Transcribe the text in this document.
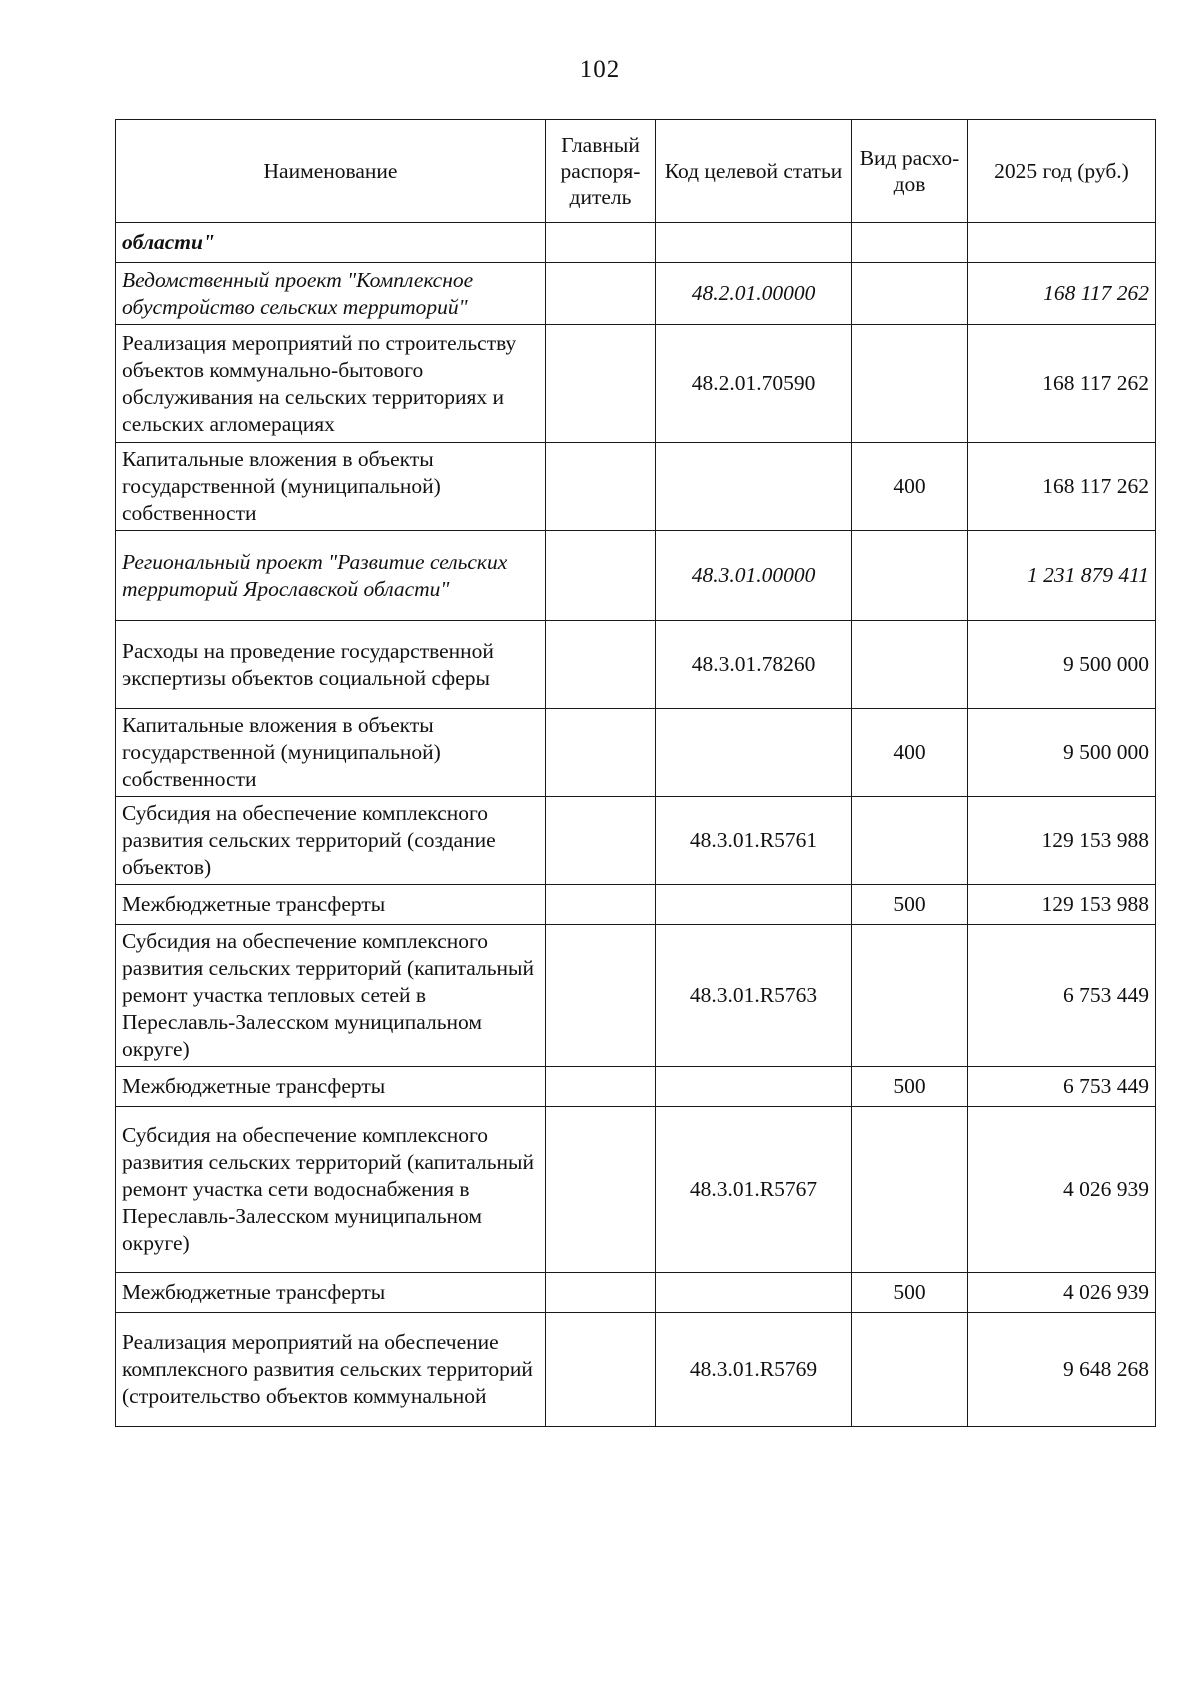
102
Наименование	Главный распоря-дитель	Код целевой статьи	Вид расхо-дов	2025 год (руб.)
области"				
Ведомственный проект "Комплексное обустройство сельских территорий"		48.2.01.00000		168 117 262
Реализация мероприятий по строительству объектов коммунально-бытового обслуживания на сельских территориях и сельских агломерациях		48.2.01.70590		168 117 262
Капитальные вложения в объекты государственной (муниципальной) собственности			400	168 117 262
Региональный проект "Развитие сельских территорий Ярославской области"		48.3.01.00000		1 231 879 411
Расходы на проведение государственной экспертизы объектов социальной сферы		48.3.01.78260		9 500 000
Капитальные вложения в объекты государственной (муниципальной) собственности			400	9 500 000
Субсидия на обеспечение комплексного развития сельских территорий (создание объектов)		48.3.01.R5761		129 153 988
Межбюджетные трансферты			500	129 153 988
Субсидия на обеспечение комплексного развития сельских территорий (капитальный ремонт участка тепловых сетей в Переславль-Залесском муниципальном округе)		48.3.01.R5763		6 753 449
Межбюджетные трансферты			500	6 753 449
Субсидия на обеспечение комплексного развития сельских территорий (капитальный ремонт участка сети водоснабжения в Переславль-Залесском муниципальном округе)		48.3.01.R5767		4 026 939
Межбюджетные трансферты			500	4 026 939
Реализация мероприятий на обеспечение комплексного развития сельских территорий (строительство объектов коммунальной		48.3.01.R5769		9 648 268
